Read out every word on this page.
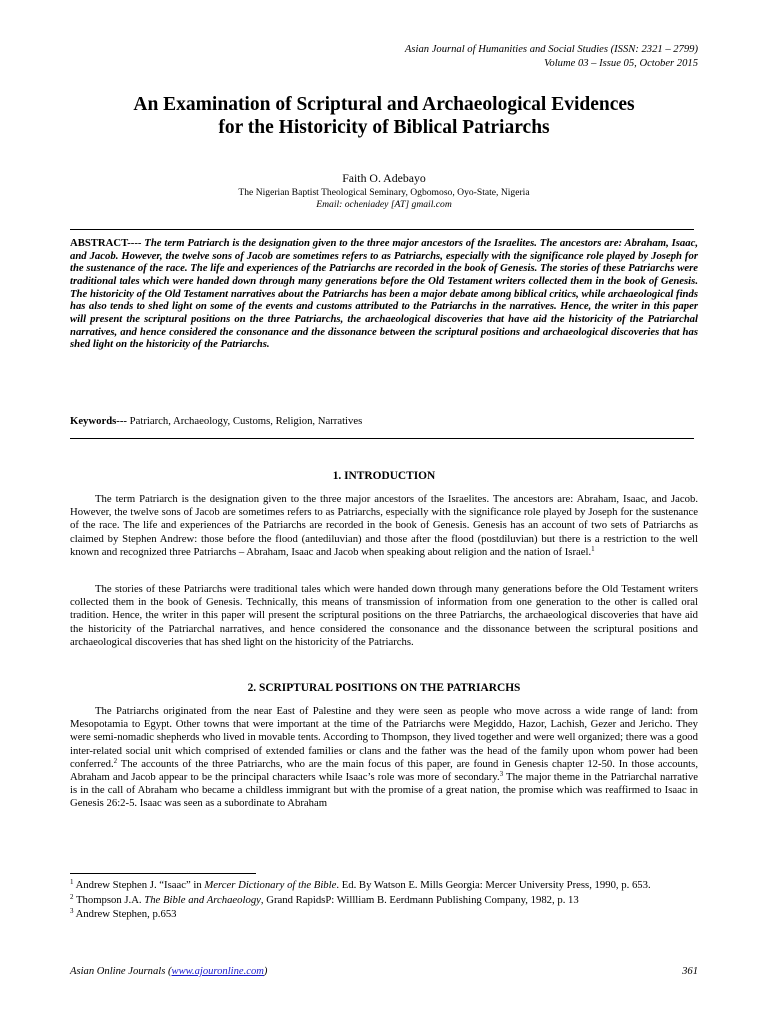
Asian Journal of Humanities and Social Studies (ISSN: 2321 – 2799)
Volume 03 – Issue 05, October 2015
An Examination of Scriptural and Archaeological Evidences
for the Historicity of Biblical Patriarchs
Faith O. Adebayo
The Nigerian Baptist Theological Seminary, Ogbomoso, Oyo-State, Nigeria
Email: ocheniadey [AT] gmail.com
ABSTRACT---- The term Patriarch is the designation given to the three major ancestors of the Israelites. The ancestors are: Abraham, Isaac, and Jacob. However, the twelve sons of Jacob are sometimes refers to as Patriarchs, especially with the significance role played by Joseph for the sustenance of the race. The life and experiences of the Patriarchs are recorded in the book of Genesis. The stories of these Patriarchs were traditional tales which were handed down through many generations before the Old Testament writers collected them in the book of Genesis. The historicity of the Old Testament narratives about the Patriarchs has been a major debate among biblical critics, while archaeological finds has also tends to shed light on some of the events and customs attributed to the Patriarchs in the narratives. Hence, the writer in this paper will present the scriptural positions on the three Patriarchs, the archaeological discoveries that have aid the historicity of the Patriarchal narratives, and hence considered the consonance and the dissonance between the scriptural positions and archaeological discoveries that has shed light on the historicity of the Patriarchs.
Keywords--- Patriarch, Archaeology, Customs, Religion, Narratives
1. INTRODUCTION
The term Patriarch is the designation given to the three major ancestors of the Israelites. The ancestors are: Abraham, Isaac, and Jacob. However, the twelve sons of Jacob are sometimes refers to as Patriarchs, especially with the significance role played by Joseph for the sustenance of the race. The life and experiences of the Patriarchs are recorded in the book of Genesis. Genesis has an account of two sets of Patriarchs as claimed by Stephen Andrew: those before the flood (antediluvian) and those after the flood (postdiluvian) but there is a restriction to the well known and recognized three Patriarchs – Abraham, Isaac and Jacob when speaking about religion and the nation of Israel.$^1$
The stories of these Patriarchs were traditional tales which were handed down through many generations before the Old Testament writers collected them in the book of Genesis. Technically, this means of transmission of information from one generation to the other is called oral tradition. Hence, the writer in this paper will present the scriptural positions on the three Patriarchs, the archaeological discoveries that have aid the historicity of the Patriarchal narratives, and hence considered the consonance and the dissonance between the scriptural positions and archaeological discoveries that has shed light on the historicity of the Patriarchs.
2. SCRIPTURAL POSITIONS ON THE PATRIARCHS
The Patriarchs originated from the near East of Palestine and they were seen as people who move across a wide range of land: from Mesopotamia to Egypt. Other towns that were important at the time of the Patriarchs were Megiddo, Hazor, Lachish, Gezer and Jericho. They were semi-nomadic shepherds who lived in movable tents. According to Thompson, they lived together and were well organized; there was a good inter-related social unit which comprised of extended families or clans and the father was the head of the family upon whom power had been conferred.$^2$ The accounts of the three Patriarchs, who are the main focus of this paper, are found in Genesis chapter 12-50. In those accounts, Abraham and Jacob appear to be the principal characters while Isaac’s role was more of secondary.$^3$ The major theme in the Patriarchal narrative is in the call of Abraham who became a childless immigrant but with the promise of a great nation, the promise which was reaffirmed to Isaac in Genesis 26:2-5. Isaac was seen as a subordinate to Abraham

$^1$ Andrew Stephen J. “Isaac” in Mercer Dictionary of the Bible. Ed. By Watson E. Mills Georgia: Mercer University Press, 1990, p. 653.

$^2$ Thompson J.A. The Bible and Archaeology, Grand RapidsP: Willliam B. Eerdmann Publishing Company, 1982, p. 13

$^3$ Andrew Stephen, p.653

Asian Online Journals (www.ajouronline.com)	361
